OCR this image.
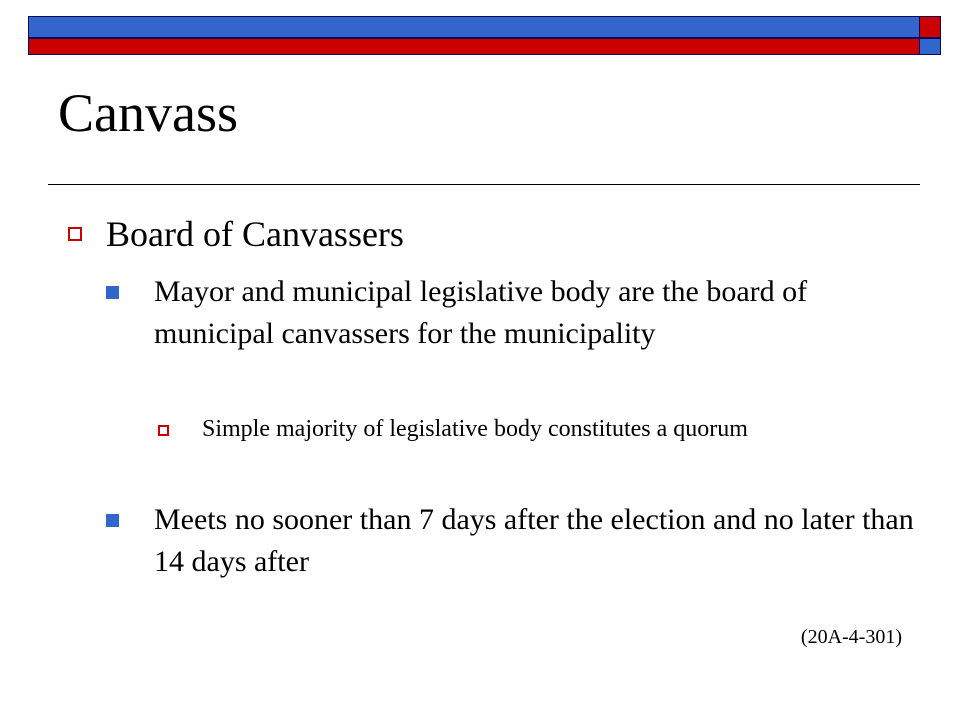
Canvass
Board of Canvassers
Mayor and municipal legislative body are the board of municipal canvassers for the municipality
Simple majority of legislative body constitutes a quorum
Meets no sooner than 7 days after the election and no later than 14 days after
(20A-4-301)
